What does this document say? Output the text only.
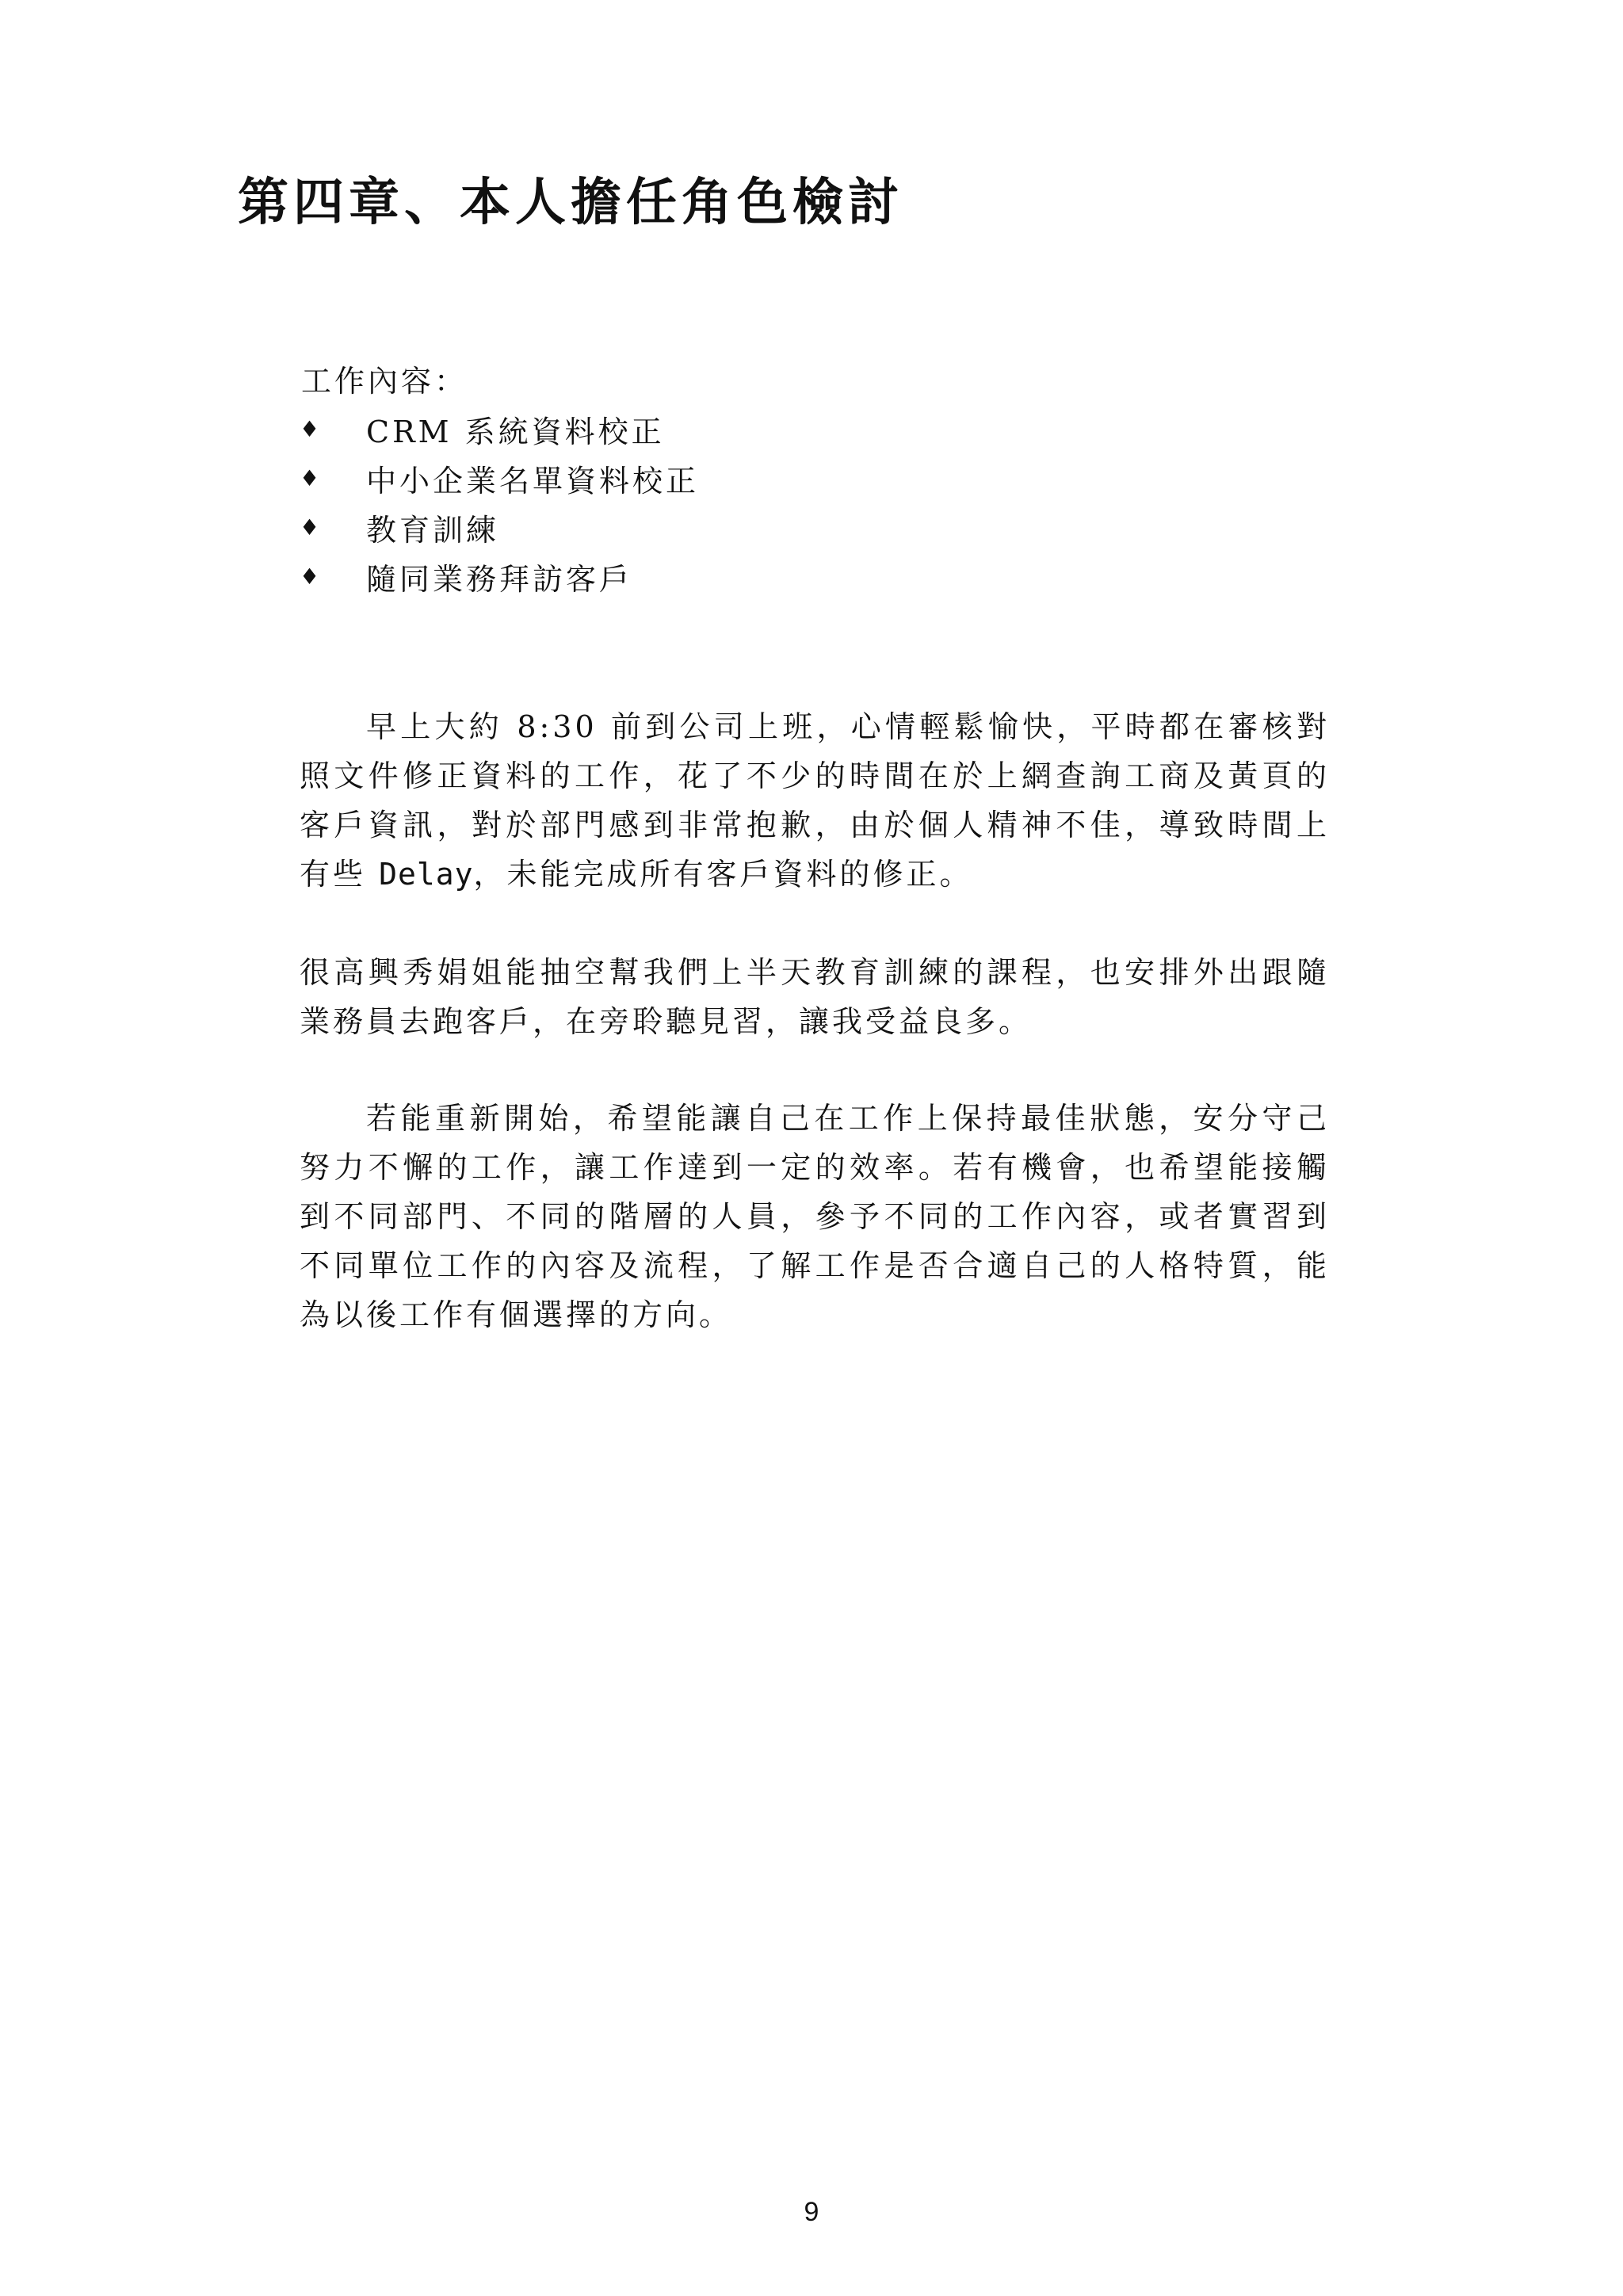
第四章、本人擔任角色檢討
工作內容：
♦	CRM 系統資料校正
♦	中小企業名單資料校正
♦	教育訓練
♦	隨同業務拜訪客戶

早上大約 8:30 前到公司上班，心情輕鬆愉快，平時都在審核對照文件修正資料的工作，花了不少的時間在於上網查詢工商及黃頁的客戶資訊，對於部門感到非常抱歉，由於個人精神不佳，導致時間上有些 Delay，未能完成所有客戶資料的修正。

很高興秀娟姐能抽空幫我們上半天教育訓練的課程，也安排外出跟隨業務員去跑客戶，在旁聆聽見習，讓我受益良多。

若能重新開始，希望能讓自己在工作上保持最佳狀態，安分守己努力不懈的工作，讓工作達到一定的效率。若有機會，也希望能接觸到不同部門、不同的階層的人員，參予不同的工作內容，或者實習到不同單位工作的內容及流程，了解工作是否合適自己的人格特質，能為以後工作有個選擇的方向。

9
